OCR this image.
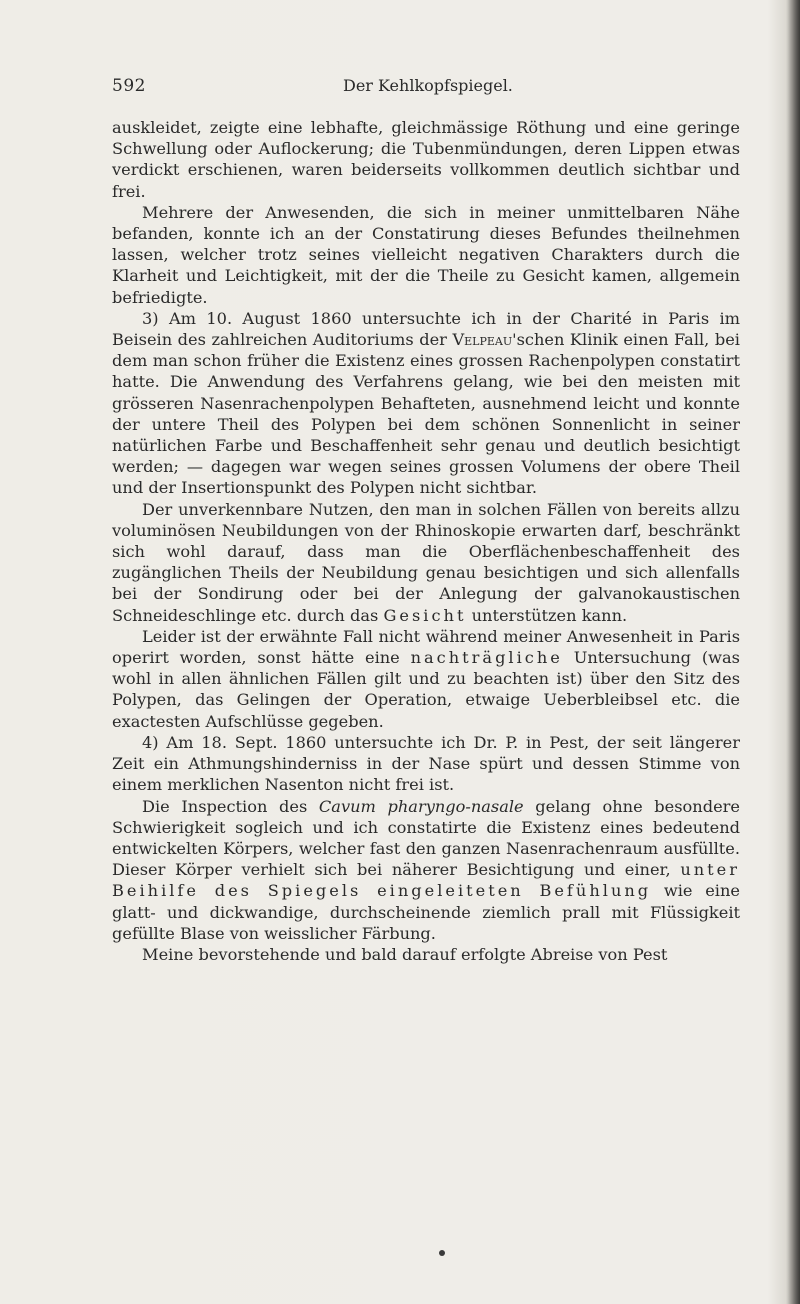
592	Der Kehlkopfspiegel.

auskleidet, zeigte eine lebhafte, gleichmässige Röthung und eine geringe Schwellung oder Auflockerung; die Tubenmündungen, deren Lippen etwas verdickt erschienen, waren beiderseits vollkommen deutlich sichtbar und frei.

Mehrere der Anwesenden, die sich in meiner unmittelbaren Nähe befanden, konnte ich an der Constatirung dieses Befundes theilnehmen lassen, welcher trotz seines vielleicht negativen Charakters durch die Klarheit und Leichtigkeit, mit der die Theile zu Gesicht kamen, allgemein befriedigte.

3) Am 10. August 1860 untersuchte ich in der Charité in Paris im Beisein des zahlreichen Auditoriums der Velpeau'schen Klinik einen Fall, bei dem man schon früher die Existenz eines grossen Rachenpolypen constatirt hatte. Die Anwendung des Verfahrens gelang, wie bei den meisten mit grösseren Nasenrachenpolypen Behafteten, ausnehmend leicht und konnte der untere Theil des Polypen bei dem schönen Sonnenlicht in seiner natürlichen Farbe und Beschaffenheit sehr genau und deutlich besichtigt werden; — dagegen war wegen seines grossen Volumens der obere Theil und der Insertionspunkt des Polypen nicht sichtbar.

Der unverkennbare Nutzen, den man in solchen Fällen von bereits allzu voluminösen Neubildungen von der Rhinoskopie erwarten darf, beschränkt sich wohl darauf, dass man die Oberflächenbeschaffenheit des zugänglichen Theils der Neubildung genau besichtigen und sich allenfalls bei der Sondirung oder bei der Anlegung der galvanokaustischen Schneideschlinge etc. durch das Gesicht unterstützen kann.

Leider ist der erwähnte Fall nicht während meiner Anwesenheit in Paris operirt worden, sonst hätte eine nachträgliche Untersuchung (was wohl in allen ähnlichen Fällen gilt und zu beachten ist) über den Sitz des Polypen, das Gelingen der Operation, etwaige Ueberbleibsel etc. die exactesten Aufschlüsse gegeben.

4) Am 18. Sept. 1860 untersuchte ich Dr. P. in Pest, der seit längerer Zeit ein Athmungshinderniss in der Nase spürt und dessen Stimme von einem merklichen Nasenton nicht frei ist.

Die Inspection des Cavum pharyngo-nasale gelang ohne besondere Schwierigkeit sogleich und ich constatirte die Existenz eines bedeutend entwickelten Körpers, welcher fast den ganzen Nasenrachenraum ausfüllte. Dieser Körper verhielt sich bei näherer Besichtigung und einer, unter Beihilfe des Spiegels eingeleiteten Befühlung wie eine glatt- und dickwandige, durchscheinende ziemlich prall mit Flüssigkeit gefüllte Blase von weisslicher Färbung.

Meine bevorstehende und bald darauf erfolgte Abreise von Pest
